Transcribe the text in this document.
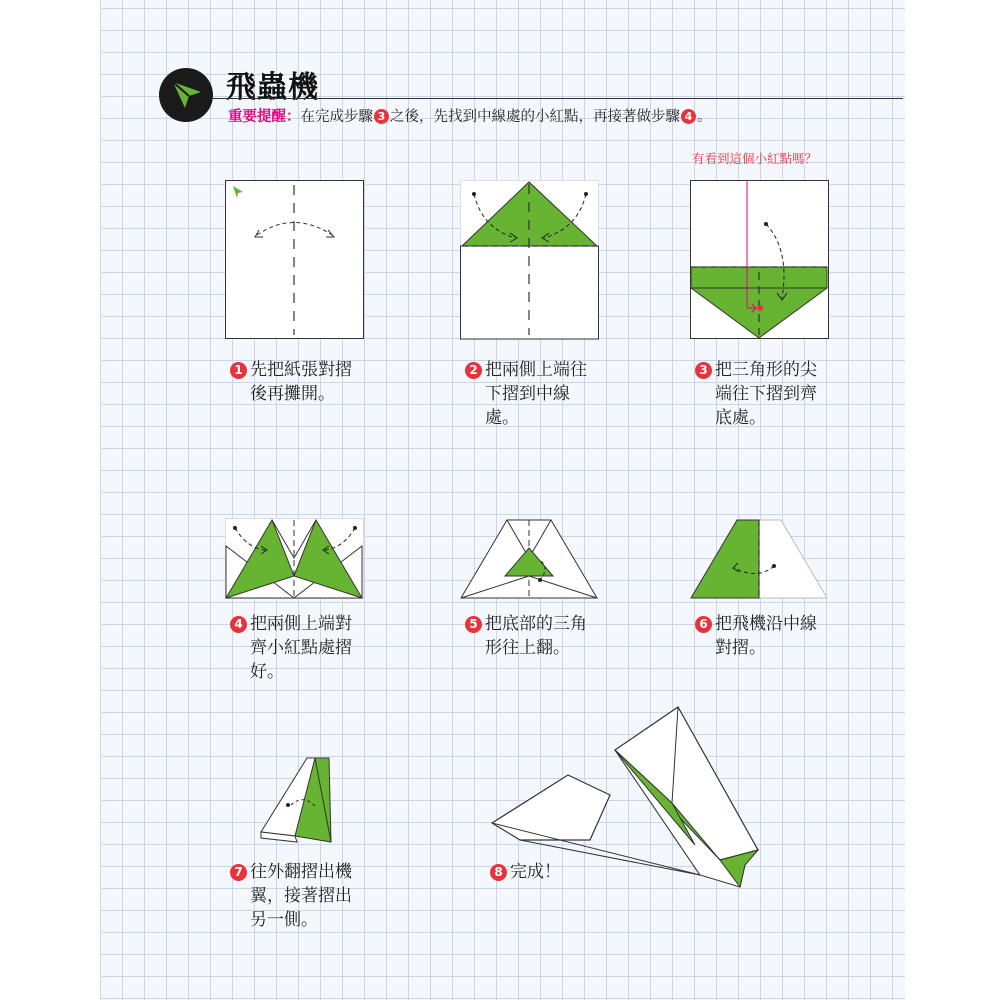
飛蟲機
重要提醒：在完成步驟 3 之後，先找到中線處的小紅點，再接著做步驟 4 。
有看到這個小紅點嗎？
1 先把紙張對摺
後再攤開。
2 把兩側上端往
下摺到中線
處。
3 把三角形的尖
端往下摺到齊
底處。
4 把兩側上端對
齊小紅點處摺
好。
5 把底部的三角
形往上翻。
6 把飛機沿中線
對摺。
7 往外翻摺出機
翼，接著摺出
另一側。
8 完成！
